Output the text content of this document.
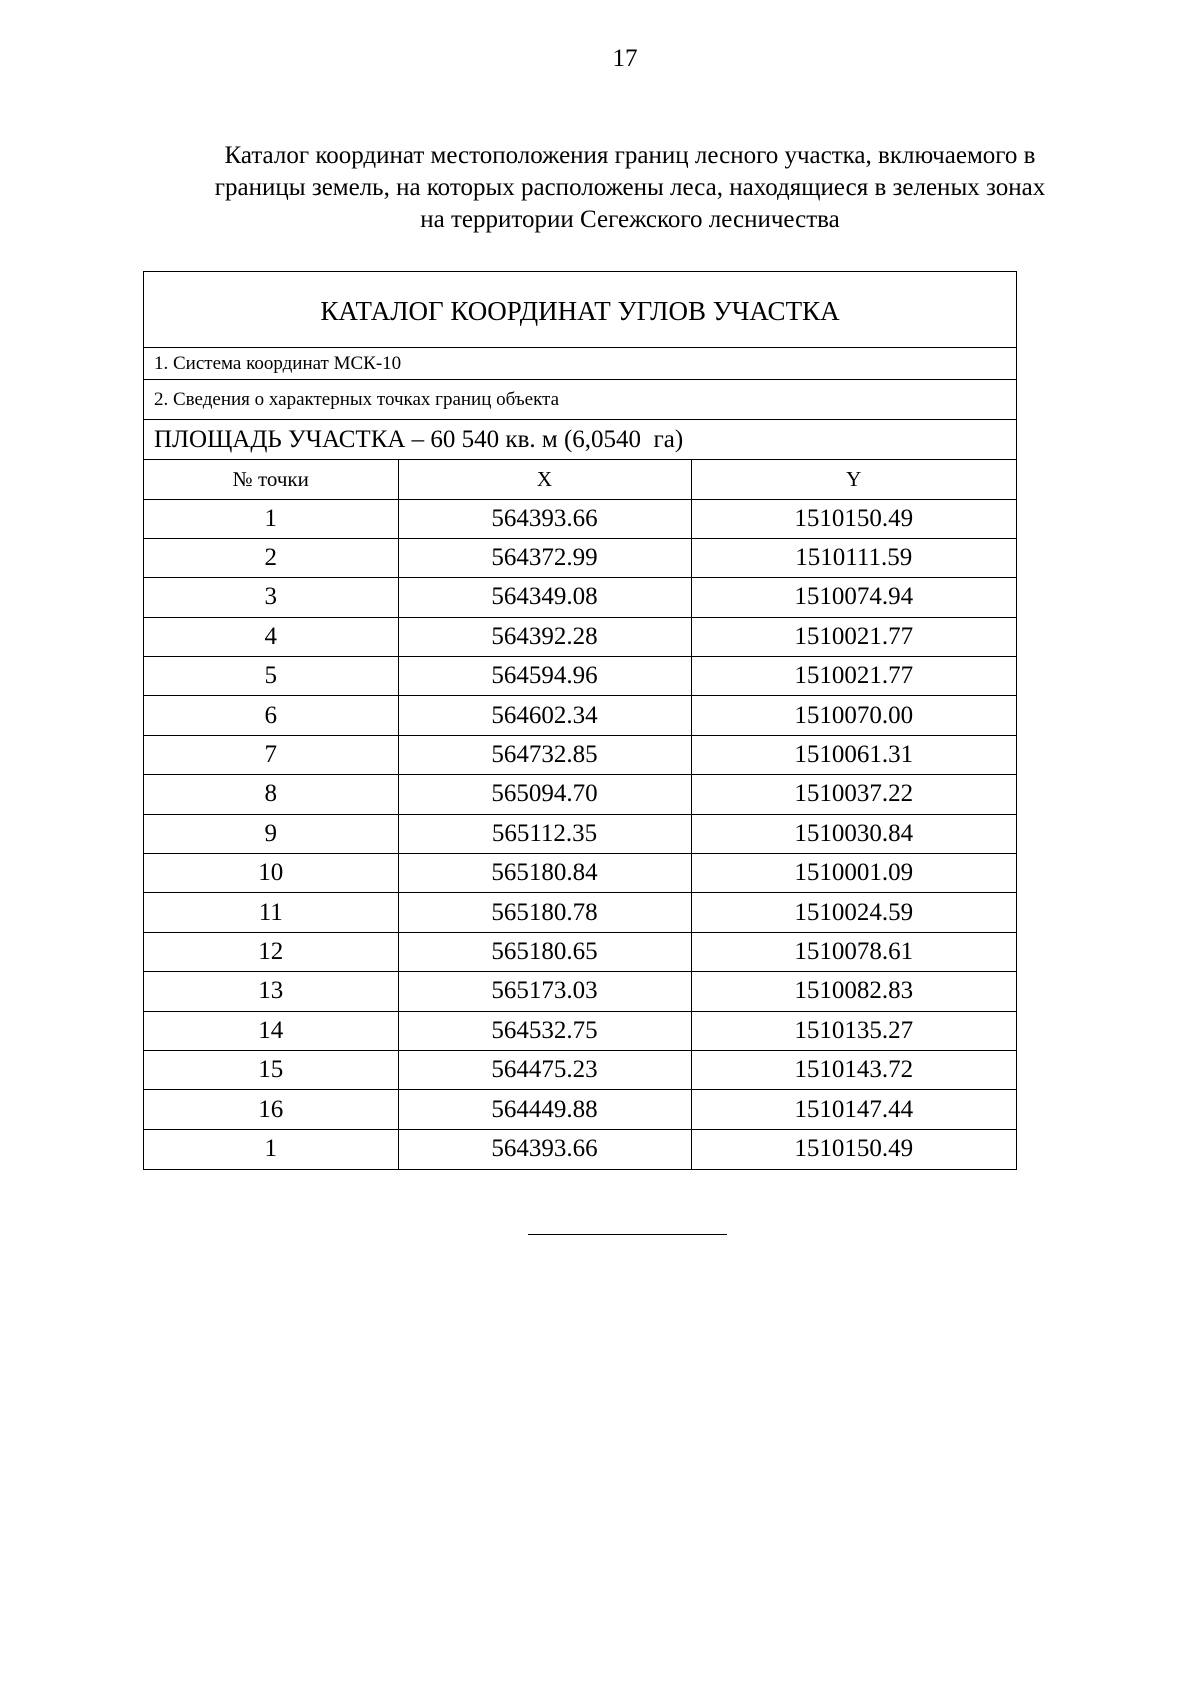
17
Каталог координат местоположения границ лесного участка, включаемого в
границы земель, на которых расположены леса, находящиеся в зеленых зонах
на территории Сегежского лесничества
КАТАЛОГ КООРДИНАТ УГЛОВ УЧАСТКА
1. Система координат МСК-10
2. Сведения о характерных точках границ объекта
ПЛОЩАДЬ УЧАСТКА – 60 540 кв. м (6,0540  га)
№ точки	X	Y
1	564393.66	1510150.49
2	564372.99	1510111.59
3	564349.08	1510074.94
4	564392.28	1510021.77
5	564594.96	1510021.77
6	564602.34	1510070.00
7	564732.85	1510061.31
8	565094.70	1510037.22
9	565112.35	1510030.84
10	565180.84	1510001.09
11	565180.78	1510024.59
12	565180.65	1510078.61
13	565173.03	1510082.83
14	564532.75	1510135.27
15	564475.23	1510143.72
16	564449.88	1510147.44
1	564393.66	1510150.49
